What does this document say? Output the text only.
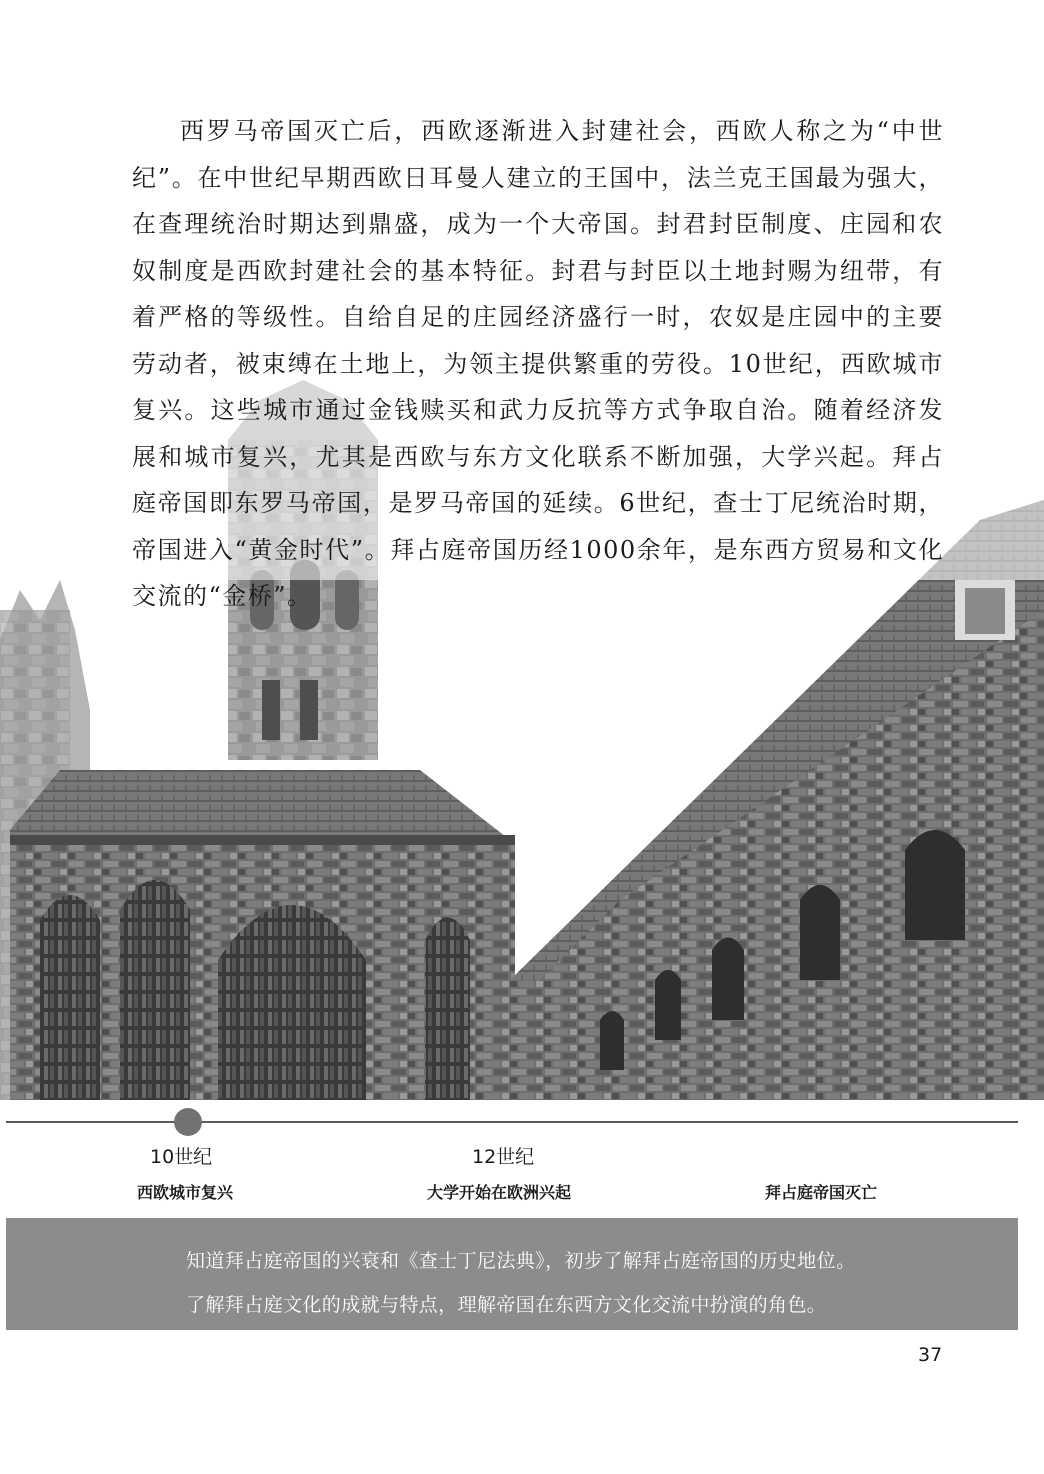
西罗马帝国灭亡后，西欧逐渐进入封建社会，西欧人称之为“中世纪”。在中世纪早期西欧日耳曼人建立的王国中，法兰克王国最为强大，在查理统治时期达到鼎盛，成为一个大帝国。封君封臣制度、庄园和农奴制度是西欧封建社会的基本特征。封君与封臣以土地封赐为纽带，有着严格的等级性。自给自足的庄园经济盛行一时，农奴是庄园中的主要劳动者，被束缚在土地上，为领主提供繁重的劳役。10世纪，西欧城市复兴。这些城市通过金钱赎买和武力反抗等方式争取自治。随着经济发展和城市复兴，尤其是西欧与东方文化联系不断加强，大学兴起。拜占庭帝国即东罗马帝国，是罗马帝国的延续。6世纪，查士丁尼统治时期，帝国进入“黄金时代”。拜占庭帝国历经1000余年，是东西方贸易和文化交流的“金桥”。

10世纪
西欧城市复兴
12世纪
大学开始在欧洲兴起	拜占庭帝国灭亡
知道拜占庭帝国的兴衰和《查士丁尼法典》，初步了解拜占庭帝国的历史地位。
了解拜占庭文化的成就与特点，理解帝国在东西方文化交流中扮演的角色。
37
